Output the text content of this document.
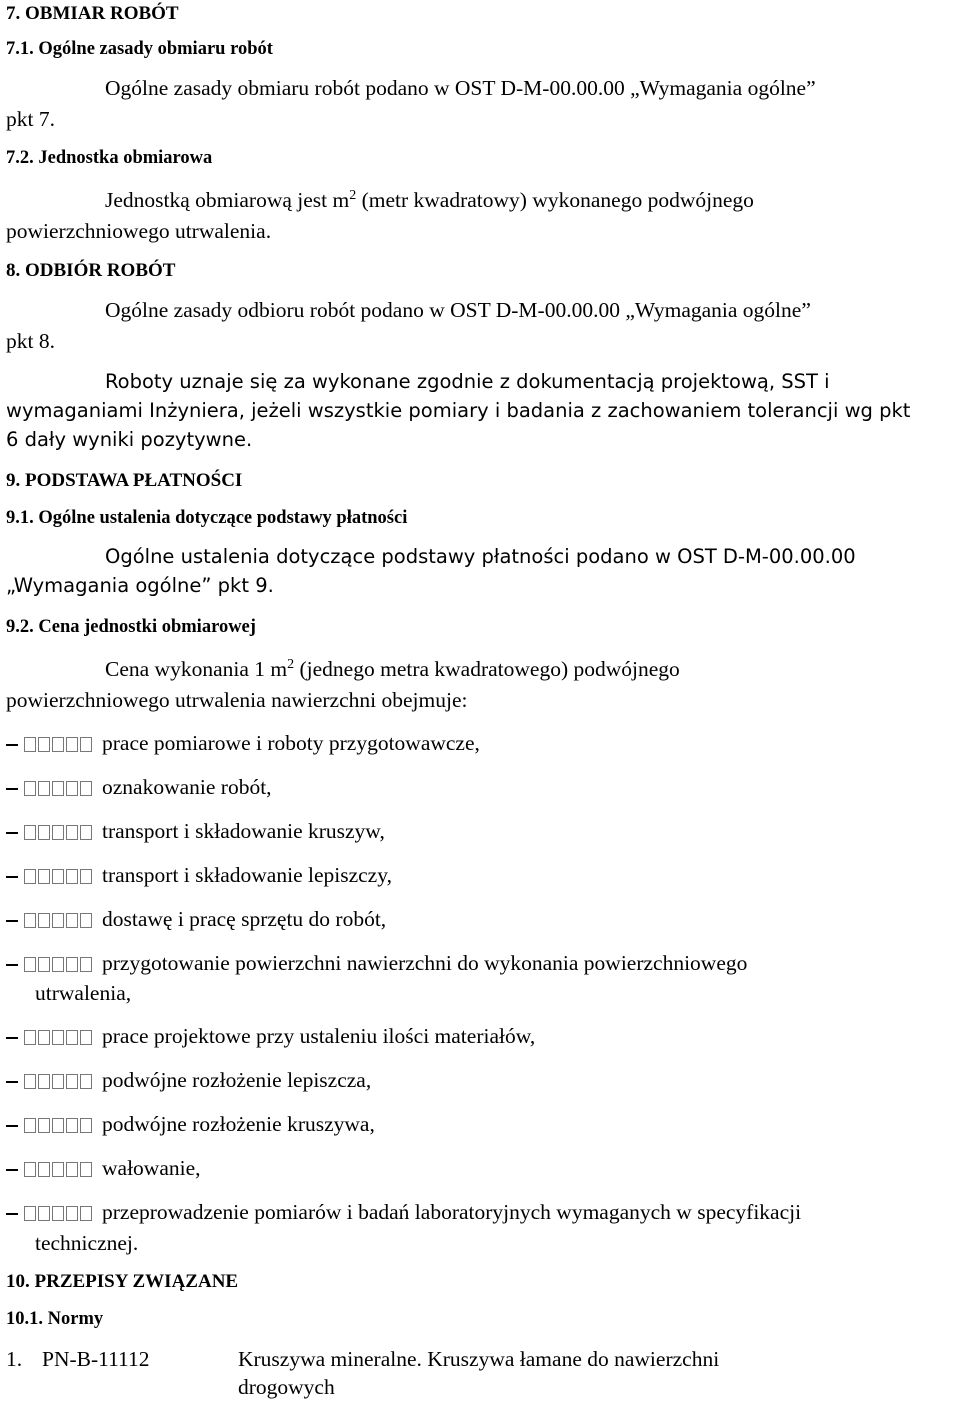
7. OBMIAR ROBÓT
7.1. Ogólne zasady obmiaru robót
Ogólne zasady obmiaru robót podano w OST D-M-00.00.00 „Wymagania ogólne”
pkt 7.
7.2. Jednostka obmiarowa
Jednostką obmiarową jest $m^2$ (metr kwadratowy) wykonanego podwójnego
powierzchniowego utrwalenia.
8. ODBIÓR ROBÓT
Ogólne zasady odbioru robót podano w OST D-M-00.00.00 „Wymagania ogólne”
pkt 8.
Roboty uznaje się za wykonane zgodnie z dokumentacją projektową, SST i
wymaganiami Inżyniera, jeżeli wszystkie pomiary i badania z zachowaniem tolerancji wg pkt
6 dały wyniki pozytywne.
9. PODSTAWA PŁATNOŚCI
9.1. Ogólne ustalenia dotyczące podstawy płatności
Ogólne ustalenia dotyczące podstawy płatności podano w OST D-M-00.00.00
„Wymagania ogólne” pkt 9.
9.2. Cena jednostki obmiarowej
Cena wykonania 1 $m^2$ (jednego metra kwadratowego) podwójnego
powierzchniowego utrwalenia nawierzchni obejmuje:
prace pomiarowe i roboty przygotowawcze,
oznakowanie robót,
transport i składowanie kruszyw,
transport i składowanie lepiszczy,
dostawę i pracę sprzętu do robót,
przygotowanie powierzchni nawierzchni do wykonania powierzchniowego
utrwalenia,
prace projektowe przy ustaleniu ilości materiałów,
podwójne rozłożenie lepiszcza,
podwójne rozłożenie kruszywa,
wałowanie,
przeprowadzenie pomiarów i badań laboratoryjnych wymaganych w specyfikacji
technicznej.
10. PRZEPISY ZWIĄZANE
10.1. Normy
1. PN-B-11112	Kruszywa mineralne. Kruszywa łamane do nawierzchni
drogowych
